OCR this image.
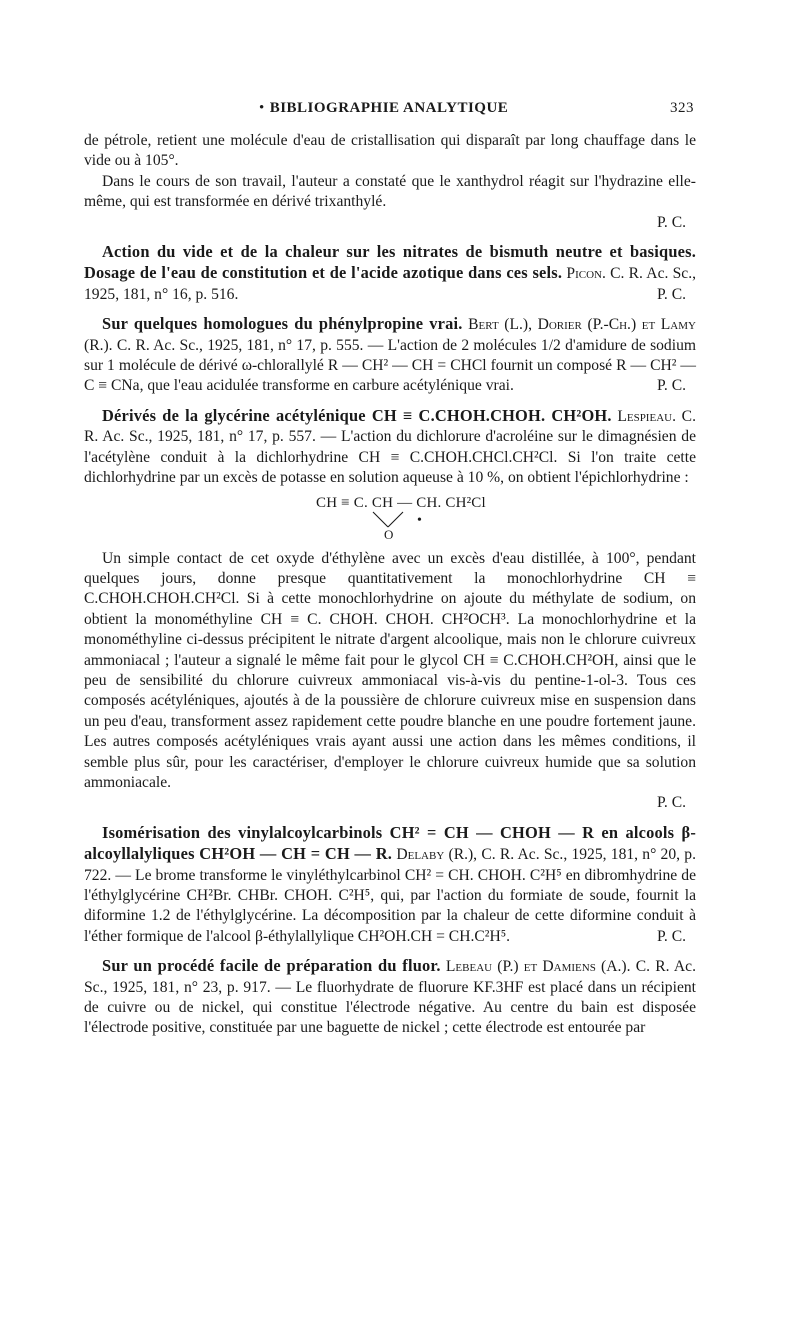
• BIBLIOGRAPHIE ANALYTIQUE	323

de pétrole, retient une molécule d'eau de cristallisation qui disparaît par long chauffage dans le vide ou à 105°.

Dans le cours de son travail, l'auteur a constaté que le xanthydrol réagit sur l'hydrazine elle-même, qui est transformée en dérivé trixanthylé.

P. C.

Action du vide et de la chaleur sur les nitrates de bismuth neutre et basiques. Dosage de l'eau de constitution et de l'acide azotique dans ces sels. Picon. C. R. Ac. Sc., 1925, 181, n° 16, p. 516.	P. C.

Sur quelques homologues du phénylpropine vrai. Bert (L.), Dorier (P.-Ch.) et Lamy (R.). C. R. Ac. Sc., 1925, 181, n° 17, p. 555. — L'action de 2 molécules 1/2 d'amidure de sodium sur 1 molécule de dérivé ω-chlorallylé R — CH² — CH = CHCl fournit un composé R — CH² — C ≡ CNa, que l'eau acidulée transforme en carbure acétylénique vrai.	P. C.

Dérivés de la glycérine acétylénique CH ≡ C.CHOH.CHOH. CH²OH. Lespieau. C. R. Ac. Sc., 1925, 181, n° 17, p. 557. — L'action du dichlorure d'acroléine sur le dimagnésien de l'acétylène conduit à la dichlorhydrine CH ≡ C.CHOH.CHCl.CH²Cl. Si l'on traite cette dichlorhydrine par un excès de potasse en solution aqueuse à 10 %, on obtient l'épichlorhydrine :

CH ≡ C. CH — CH. CH²Cl
O
•

Un simple contact de cet oxyde d'éthylène avec un excès d'eau distillée, à 100°, pendant quelques jours, donne presque quantitativement la monochlorhydrine CH ≡ C.CHOH.CHOH.CH²Cl. Si à cette monochlorhydrine on ajoute du méthylate de sodium, on obtient la monométhyline CH ≡ C. CHOH. CHOH. CH²OCH³. La monochlorhydrine et la monométhyline ci-dessus précipitent le nitrate d'argent alcoolique, mais non le chlorure cuivreux ammoniacal ; l'auteur a signalé le même fait pour le glycol CH ≡ C.CHOH.CH²OH, ainsi que le peu de sensibilité du chlorure cuivreux ammoniacal vis-à-vis du pentine-1-ol-3. Tous ces composés acétyléniques, ajoutés à de la poussière de chlorure cuivreux mise en suspension dans un peu d'eau, transforment assez rapidement cette poudre blanche en une poudre fortement jaune. Les autres composés acétyléniques vrais ayant aussi une action dans les mêmes conditions, il semble plus sûr, pour les caractériser, d'employer le chlorure cuivreux humide que sa solution ammoniacale.

P. C.

Isomérisation des vinylalcoylcarbinols CH² = CH — CHOH — R en alcools β-alcoyllalyliques CH²OH — CH = CH — R. Delaby (R.), C. R. Ac. Sc., 1925, 181, n° 20, p. 722. — Le brome transforme le vinyléthylcarbinol CH² = CH. CHOH. C²H⁵ en dibromhydrine de l'éthylglycérine CH²Br. CHBr. CHOH. C²H⁵, qui, par l'action du formiate de soude, fournit la diformine 1.2 de l'éthylglycérine. La décomposition par la chaleur de cette diformine conduit à l'éther formique de l'alcool β-éthylallylique CH²OH.CH = CH.C²H⁵.	P. C.

Sur un procédé facile de préparation du fluor. Lebeau (P.) et Damiens (A.). C. R. Ac. Sc., 1925, 181, n° 23, p. 917. — Le fluorhydrate de fluorure KF.3HF est placé dans un récipient de cuivre ou de nickel, qui constitue l'électrode négative. Au centre du bain est disposée l'électrode positive, constituée par une baguette de nickel ; cette électrode est entourée par
